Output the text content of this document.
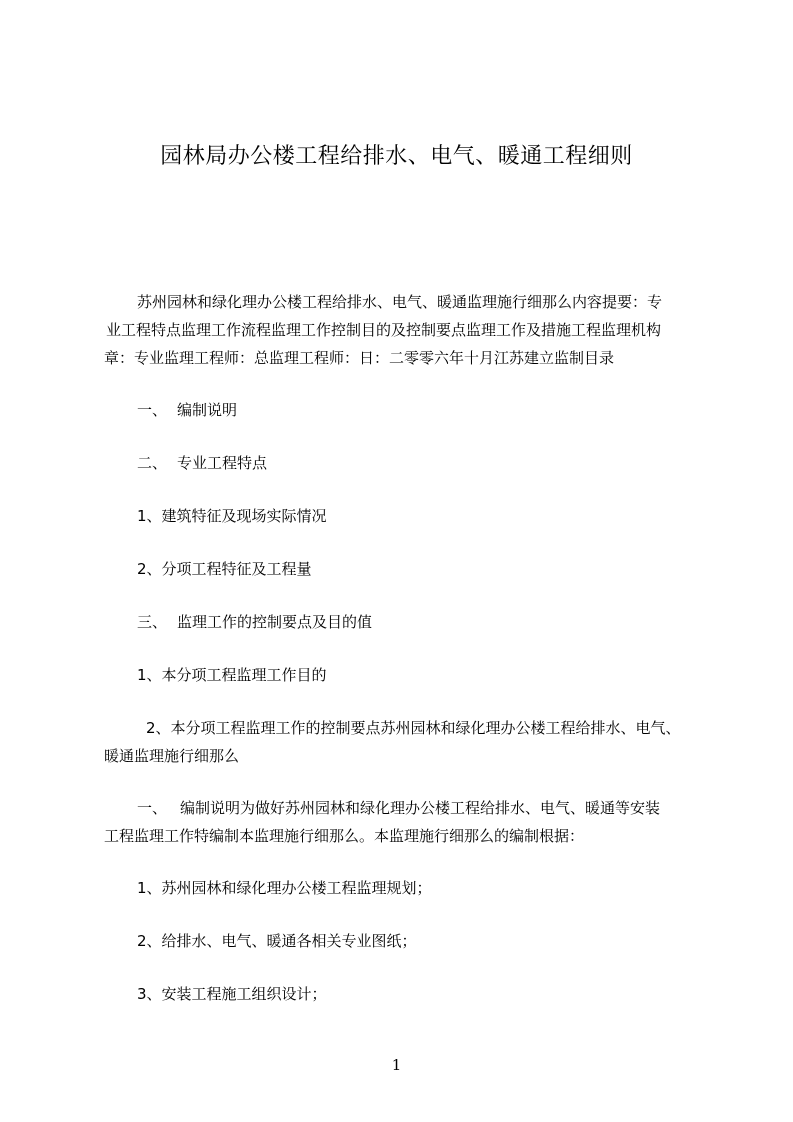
园林局办公楼工程给排水、电气、暖通工程细则
苏州园林和绿化理办公楼工程给排水、电气、暖通监理施行细那么内容提要：专
业工程特点监理工作流程监理工作控制目的及控制要点监理工作及措施工程监理机构
章：专业监理工程师：总监理工程师：日：二零零六年十月江苏建立监制目录
一、 编制说明
二、 专业工程特点
1、建筑特征及现场实际情况
2、分项工程特征及工程量
三、 监理工作的控制要点及目的值
1、本分项工程监理工作目的
2、本分项工程监理工作的控制要点苏州园林和绿化理办公楼工程给排水、电气、
暖通监理施行细那么
一、 编制说明为做好苏州园林和绿化理办公楼工程给排水、电气、暖通等安装
工程监理工作特编制本监理施行细那么。本监理施行细那么的编制根据：
1、苏州园林和绿化理办公楼工程监理规划；
2、给排水、电气、暖通各相关专业图纸；
3、安装工程施工组织设计；
1
